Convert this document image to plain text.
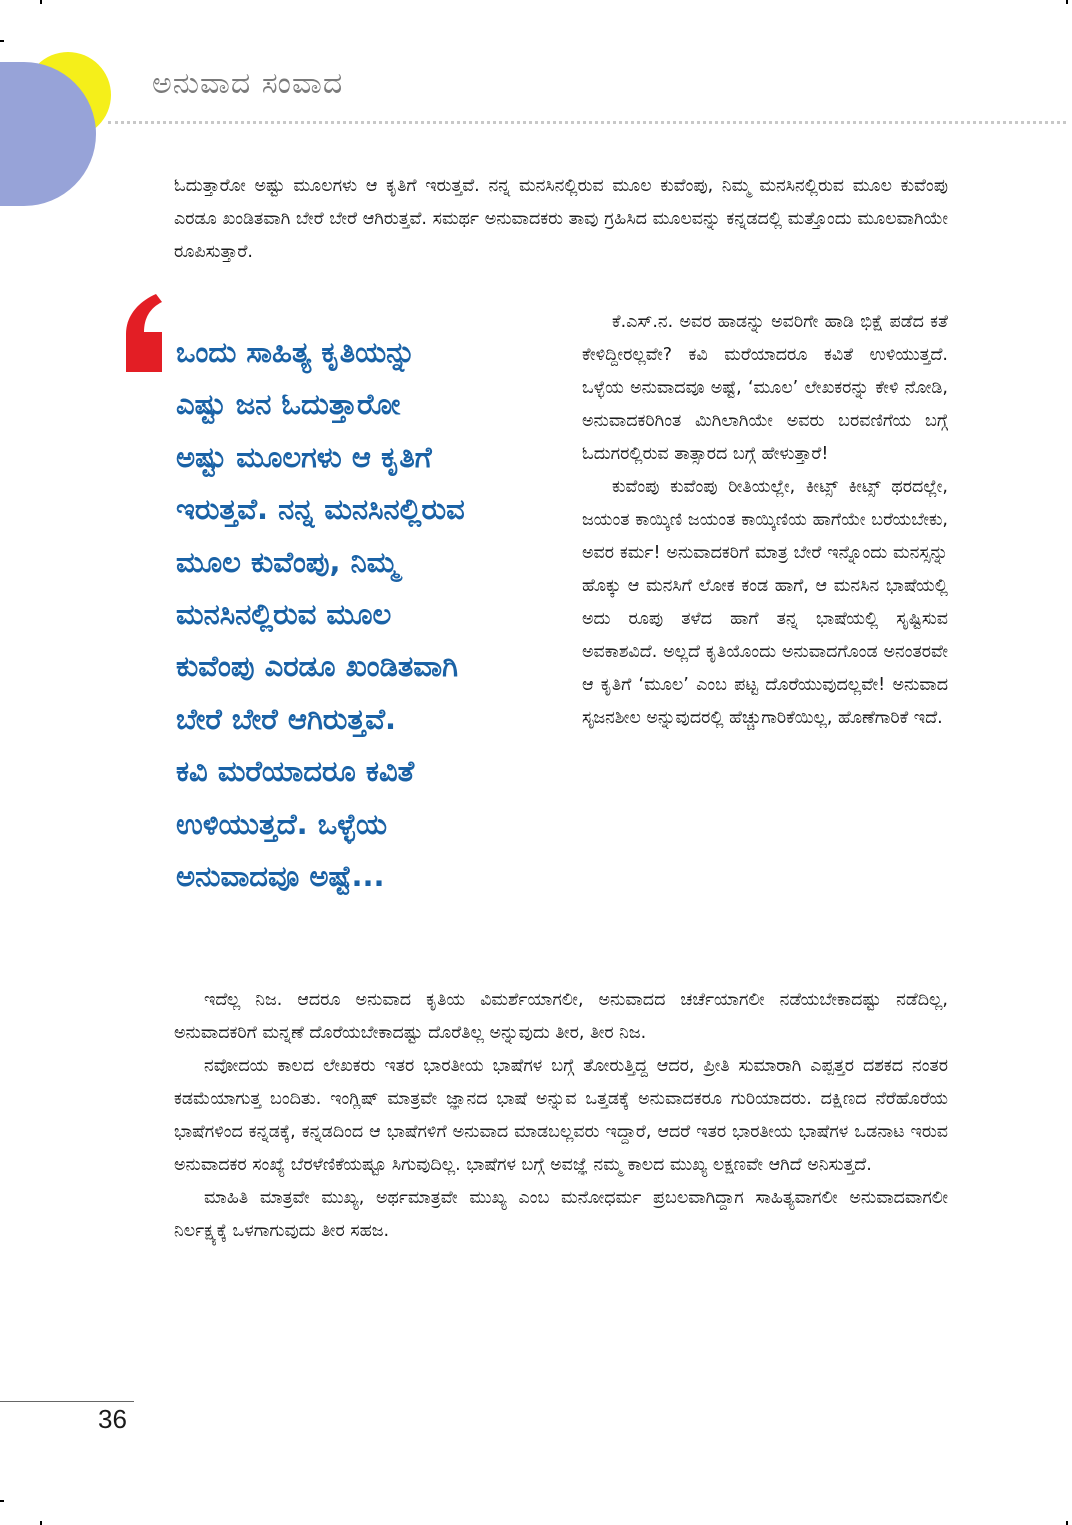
ಅನುವಾದ ಸಂವಾದ

ಓದುತ್ತಾರೋ ಅಷ್ಟು ಮೂಲಗಳು ಆ ಕೃತಿಗೆ ಇರುತ್ತವೆ. ನನ್ನ ಮನಸಿನಲ್ಲಿರುವ ಮೂಲ ಕುವೆಂಪು, ನಿಮ್ಮ ಮನಸಿನಲ್ಲಿರುವ ಮೂಲ ಕುವೆಂಪು ಎರಡೂ ಖಂಡಿತವಾಗಿ ಬೇರೆ ಬೇರೆ ಆಗಿರುತ್ತವೆ. ಸಮರ್ಥ ಅನುವಾದಕರು ತಾವು ಗ್ರಹಿಸಿದ ಮೂಲವನ್ನು ಕನ್ನಡದಲ್ಲಿ ಮತ್ತೊಂದು ಮೂಲವಾಗಿಯೇ ರೂಪಿಸುತ್ತಾರೆ.

ಒಂದು ಸಾಹಿತ್ಯ ಕೃತಿಯನ್ನು
ಎಷ್ಟು ಜನ ಓದುತ್ತಾರೋ
ಅಷ್ಟು ಮೂಲಗಳು ಆ ಕೃತಿಗೆ
ಇರುತ್ತವೆ. ನನ್ನ ಮನಸಿನಲ್ಲಿರುವ
ಮೂಲ ಕುವೆಂಪು, ನಿಮ್ಮ
ಮನಸಿನಲ್ಲಿರುವ ಮೂಲ
ಕುವೆಂಪು ಎರಡೂ ಖಂಡಿತವಾಗಿ
ಬೇರೆ ಬೇರೆ ಆಗಿರುತ್ತವೆ.
ಕವಿ ಮರೆಯಾದರೂ ಕವಿತೆ
ಉಳಿಯುತ್ತದೆ. ಒಳ್ಳೆಯ
ಅನುವಾದವೂ ಅಷ್ಟೆ...

ಕೆ.ಎಸ್.ನ. ಅವರ ಹಾಡನ್ನು ಅವರಿಗೇ ಹಾಡಿ ಭಿಕ್ಷೆ ಪಡೆದ ಕತೆ ಕೇಳಿದ್ದೀರಲ್ಲವೇ? ಕವಿ ಮರೆಯಾದರೂ ಕವಿತೆ ಉಳಿಯುತ್ತದೆ. ಒಳ್ಳೆಯ ಅನುವಾದವೂ ಅಷ್ಟೆ, ‘ಮೂಲ’ ಲೇಖಕರನ್ನು ಕೇಳಿ ನೋಡಿ, ಅನುವಾದಕರಿಗಿಂತ ಮಿಗಿಲಾಗಿಯೇ ಅವರು ಬರವಣಿಗೆಯ ಬಗ್ಗೆ ಓದುಗರಲ್ಲಿರುವ ತಾತ್ಸಾರದ ಬಗ್ಗೆ ಹೇಳುತ್ತಾರೆ!

ಕುವೆಂಪು ಕುವೆಂಪು ರೀತಿಯಲ್ಲೇ, ಕೀಟ್ಸ್ ಕೀಟ್ಸ್ ಥರದಲ್ಲೇ, ಜಯಂತ ಕಾಯ್ಕಿಣಿ ಜಯಂತ ಕಾಯ್ಕಿಣಿಯ ಹಾಗೆಯೇ ಬರೆಯಬೇಕು, ಅವರ ಕರ್ಮ! ಅನುವಾದಕರಿಗೆ ಮಾತ್ರ ಬೇರೆ ಇನ್ನೊಂದು ಮನಸ್ಸನ್ನು ಹೊಕ್ಕು ಆ ಮನಸಿಗೆ ಲೋಕ ಕಂಡ ಹಾಗೆ, ಆ ಮನಸಿನ ಭಾಷೆಯಲ್ಲಿ ಅದು ರೂಪು ತಳೆದ ಹಾಗೆ ತನ್ನ ಭಾಷೆಯಲ್ಲಿ ಸೃಷ್ಟಿಸುವ ಅವಕಾಶವಿದೆ. ಅಲ್ಲದೆ ಕೃತಿಯೊಂದು ಅನುವಾದಗೊಂಡ ಅನಂತರವೇ ಆ ಕೃತಿಗೆ ‘ಮೂಲ’ ಎಂಬ ಪಟ್ಟ ದೊರೆಯುವುದಲ್ಲವೇ! ಅನುವಾದ ಸೃಜನಶೀಲ ಅನ್ನುವುದರಲ್ಲಿ ಹೆಚ್ಚುಗಾರಿಕೆಯಿಲ್ಲ, ಹೊಣೆಗಾರಿಕೆ ಇದೆ.

ಇದೆಲ್ಲ ನಿಜ. ಆದರೂ ಅನುವಾದ ಕೃತಿಯ ವಿಮರ್ಶೆಯಾಗಲೀ, ಅನುವಾದದ ಚರ್ಚೆಯಾಗಲೀ ನಡೆಯಬೇಕಾದಷ್ಟು ನಡೆದಿಲ್ಲ, ಅನುವಾದಕರಿಗೆ ಮನ್ನಣೆ ದೊರೆಯಬೇಕಾದಷ್ಟು ದೊರೆತಿಲ್ಲ ಅನ್ನುವುದು ತೀರ, ತೀರ ನಿಜ.

ನವೋದಯ ಕಾಲದ ಲೇಖಕರು ಇತರ ಭಾರತೀಯ ಭಾಷೆಗಳ ಬಗ್ಗೆ ತೋರುತ್ತಿದ್ದ ಆದರ, ಪ್ರೀತಿ ಸುಮಾರಾಗಿ ಎಪ್ಪತ್ತರ ದಶಕದ ನಂತರ ಕಡಮೆಯಾಗುತ್ತ ಬಂದಿತು. ಇಂಗ್ಲಿಷ್ ಮಾತ್ರವೇ ಜ್ಞಾನದ ಭಾಷೆ ಅನ್ನುವ ಒತ್ತಡಕ್ಕೆ ಅನುವಾದಕರೂ ಗುರಿಯಾದರು. ದಕ್ಷಿಣದ ನೆರೆಹೊರೆಯ ಭಾಷೆಗಳಿಂದ ಕನ್ನಡಕ್ಕೆ, ಕನ್ನಡದಿಂದ ಆ ಭಾಷೆಗಳಿಗೆ ಅನುವಾದ ಮಾಡಬಲ್ಲವರು ಇದ್ದಾರೆ, ಆದರೆ ಇತರ ಭಾರತೀಯ ಭಾಷೆಗಳ ಒಡನಾಟ ಇರುವ ಅನುವಾದಕರ ಸಂಖ್ಯೆ ಬೆರಳೆಣಿಕೆಯಷ್ಟೂ ಸಿಗುವುದಿಲ್ಲ. ಭಾಷೆಗಳ ಬಗ್ಗೆ ಅವಜ್ಞೆ ನಮ್ಮ ಕಾಲದ ಮುಖ್ಯ ಲಕ್ಷಣವೇ ಆಗಿದೆ ಅನಿಸುತ್ತದೆ.

ಮಾಹಿತಿ ಮಾತ್ರವೇ ಮುಖ್ಯ, ಅರ್ಥಮಾತ್ರವೇ ಮುಖ್ಯ ಎಂಬ ಮನೋಧರ್ಮ ಪ್ರಬಲವಾಗಿದ್ದಾಗ ಸಾಹಿತ್ಯವಾಗಲೀ ಅನುವಾದವಾಗಲೀ ನಿರ್ಲಕ್ಷ್ಯಕ್ಕೆ ಒಳಗಾಗುವುದು ತೀರ ಸಹಜ.

36
